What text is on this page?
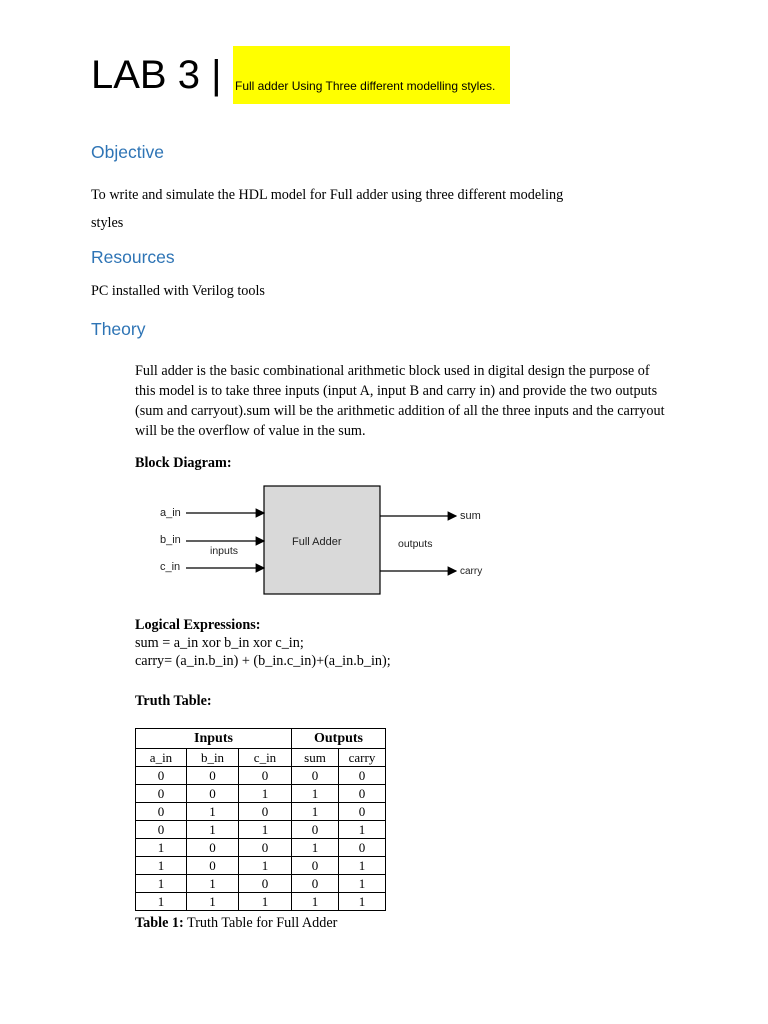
LAB 3 | Full adder Using Three different modelling styles.
Objective
To write and simulate the HDL model for Full adder using three different modeling
styles
Resources
PC installed with Verilog tools
Theory
Full adder is the basic combinational arithmetic block used in digital design the purpose of
this model is to take three inputs (input A, input B and carry in) and provide the two outputs
(sum and carryout).sum will be the arithmetic addition of all the three inputs and the carryout
will be the overflow of value in the sum.
Block Diagram:
Full Adder
a_in
b_in
c_in
inputs
sum
carry
outputs
Logical Expressions:
sum = a_in xor b_in xor c_in;
carry= (a_in.b_in) + (b_in.c_in)+(a_in.b_in);
Truth Table:
Inputs			Outputs	
a_in	b_in	c_in	sum	carry
0	0	0	0	0
0	0	1	1	0
0	1	0	1	0
0	1	1	0	1
1	0	0	1	0
1	0	1	0	1
1	1	0	0	1
1	1	1	1	1
Table 1: Truth Table for Full Adder
